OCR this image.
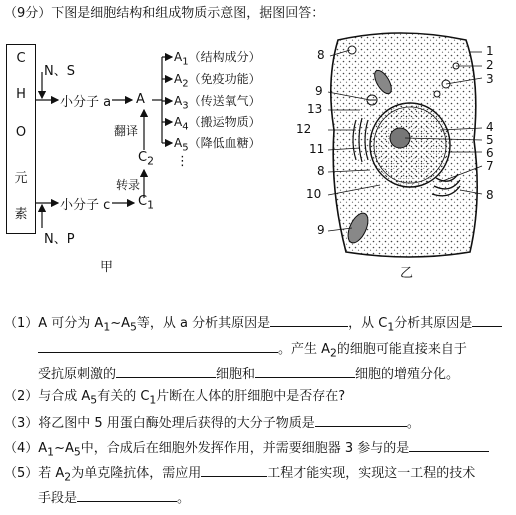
（9分）下图是细胞结构和组成物质示意图，据图回答：
C
H
O
元
素
N、S
小分子 a A
$A_1$（结构成分）
$A_2$（免疫功能）
$A_3$（传送氧气）
$A_4$（搬运物质）
$A_5$（降低血糖）
⋮
翻译
$C_2$
转录
小分子 c $C_1$
N、P
甲
8
9
13
12
11
8
10
9
1
2
3
4
5
6
7
8
乙
（1）A 可分为 $A_1\sim A_5$等，从 a 分析其原因是	，从 $C_1$分析其原因是
。产生 $A_2$的细胞可能直接来自于
受抗原刺激的	细胞和	细胞的增殖分化。
（2）与合成 $A_5$有关的 $C_1$片断在人体的肝细胞中是否存在?
（3）将乙图中 5 用蛋白酶处理后获得的大分子物质是	。
$(4)A_1\sim A_5$中，合成后在细胞外发挥作用，并需要细胞器 3 参与的是
（5）若 $A_2$为单克隆抗体，需应用	工程才能实现，实现这一工程的技术
手段是	。
